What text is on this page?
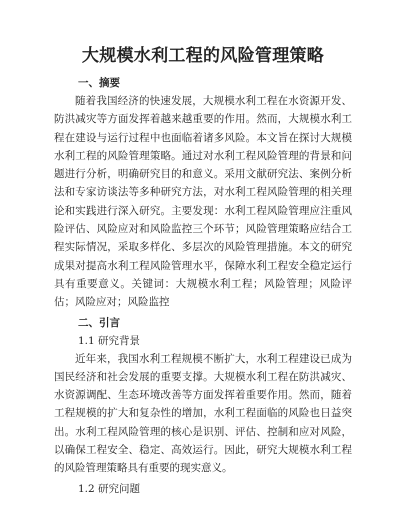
大规模水利工程的风险管理策略

一、摘要

随着我国经济的快速发展，大规模水利工程在水资源开发、防洪减灾等方面发挥着越来越重要的作用。然而，大规模水利工程在建设与运行过程中也面临着诸多风险。本文旨在探讨大规模水利工程的风险管理策略。通过对水利工程风险管理的背景和问题进行分析，明确研究目的和意义。采用文献研究法、案例分析法和专家访谈法等多种研究方法，对水利工程风险管理的相关理论和实践进行深入研究。主要发现：水利工程风险管理应注重风险评估、风险应对和风险监控三个环节；风险管理策略应结合工程实际情况，采取多样化、多层次的风险管理措施。本文的研究成果对提高水利工程风险管理水平，保障水利工程安全稳定运行具有重要意义。关键词：大规模水利工程；风险管理；风险评估；风险应对；风险监控

二、引言

1.1 研究背景

近年来，我国水利工程规模不断扩大，水利工程建设已成为国民经济和社会发展的重要支撑。大规模水利工程在防洪减灾、水资源调配、生态环境改善等方面发挥着重要作用。然而，随着工程规模的扩大和复杂性的增加，水利工程面临的风险也日益突出。水利工程风险管理的核心是识别、评估、控制和应对风险，以确保工程安全、稳定、高效运行。因此，研究大规模水利工程的风险管理策略具有重要的现实意义。

1.2 研究问题
